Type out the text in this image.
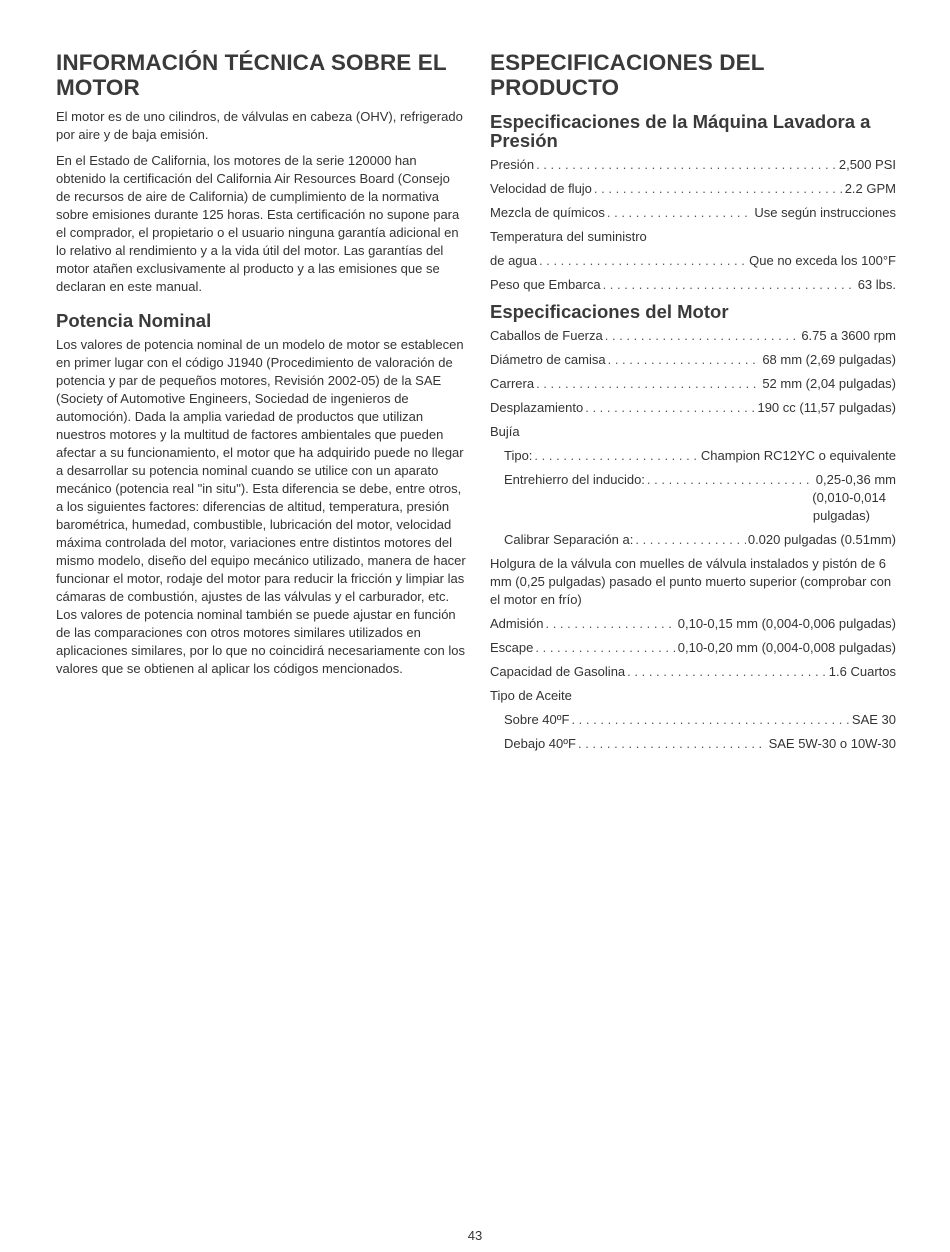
INFORMACIÓN TÉCNICA SOBRE EL MOTOR

El motor es de uno cilindros, de válvulas en cabeza (OHV), refrigerado por aire y de baja emisión.

En el Estado de California, los motores de la serie 120000 han obtenido la certificación del California Air Resources Board (Consejo de recursos de aire de California) de cumplimiento de la normativa sobre emisiones durante 125 horas. Esta certificación no supone para el comprador, el propietario o el usuario ninguna garantía adicional en lo relativo al rendimiento y a la vida útil del motor. Las garantías del motor atañen exclusivamente al producto y a las emisiones que se declaran en este manual.

Potencia Nominal

Los valores de potencia nominal de un modelo de motor se establecen en primer lugar con el código J1940 (Procedimiento de valoración de potencia y par de pequeños motores, Revisión 2002-05) de la SAE (Society of Automotive Engineers, Sociedad de ingenieros de automoción). Dada la amplia variedad de productos que utilizan nuestros motores y la multitud de factores ambientales que pueden afectar a su funcionamiento, el motor que ha adquirido puede no llegar a desarrollar su potencia nominal cuando se utilice con un aparato mecánico (potencia real "in situ"). Esta diferencia se debe, entre otros, a los siguientes factores: diferencias de altitud, temperatura, presión barométrica, humedad, combustible, lubricación del motor, velocidad máxima controlada del motor, variaciones entre distintos motores del mismo modelo, diseño del equipo mecánico utilizado, manera de hacer funcionar el motor, rodaje del motor para reducir la fricción y limpiar las cámaras de combustión, ajustes de las válvulas y el carburador, etc. Los valores de potencia nominal también se puede ajustar en función de las comparaciones con otros motores similares utilizados en aplicaciones similares, por lo que no coincidirá necesariamente con los valores que se obtienen al aplicar los códigos mencionados.

ESPECIFICACIONES DEL PRODUCTO
Especificaciones de la Máquina Lavadora a Presión
Presión . . .	2,500 PSI
Velocidad de flujo . . .	2.2 GPM
Mezcla de químicos . . .	Use según instrucciones
Temperatura del suministro
de agua . . .	Que no exceda los 100°F
Peso que Embarca . . .	63 lbs.
Especificaciones del Motor
Caballos de Fuerza . . .	6.75 a 3600 rpm
Diámetro de camisa . . .	68 mm (2,69 pulgadas)
Carrera . . .	52 mm (2,04 pulgadas)
Desplazamiento . . .	190 cc (11,57 pulgadas)
Bujía
Tipo: . . .	Champion RC12YC o equivalente
Entrehierro del inducido: . . .	0,25-0,36 mm
(0,010-0,014
pulgadas)
Calibrar Separación a: . . .	0.020 pulgadas (0.51mm)

Holgura de la válvula con muelles de válvula instalados y pistón de 6 mm (0,25 pulgadas) pasado el punto muerto superior (comprobar con el motor en frío)

Admisión . . .	0,10-0,15 mm (0,004-0,006 pulgadas)
Escape . . .	0,10-0,20 mm (0,004-0,008 pulgadas)
Capacidad de Gasolina . . .	1.6 Cuartos
Tipo de Aceite
Sobre 40ºF . . .	SAE 30
Debajo 40ºF . . .	SAE 5W-30 o 10W-30
43
